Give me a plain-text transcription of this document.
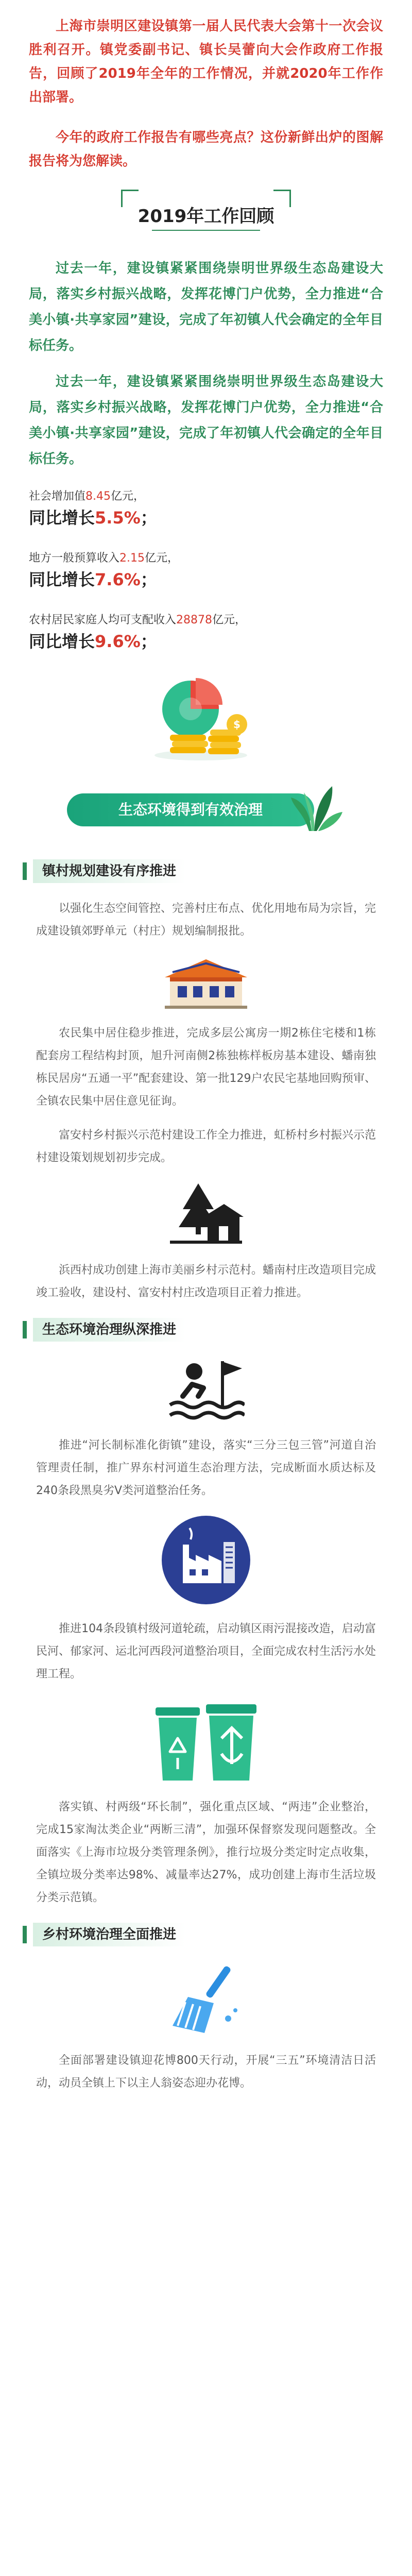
上海市崇明区建设镇第一届人民代表大会第十一次会议胜利召开。镇党委副书记、镇长吴蕾向大会作政府工作报告，回顾了2019年全年的工作情况，并就2020年工作作出部署。

今年的政府工作报告有哪些亮点？这份新鲜出炉的图解报告将为您解读。

2019年工作回顾

过去一年，建设镇紧紧围绕崇明世界级生态岛建设大局，落实乡村振兴战略，发挥花博门户优势，全力推进“合美小镇·共享家园”建设，完成了年初镇人代会确定的全年目标任务。

过去一年，建设镇紧紧围绕崇明世界级生态岛建设大局，落实乡村振兴战略，发挥花博门户优势，全力推进“合美小镇·共享家园”建设，完成了年初镇人代会确定的全年目标任务。

社会增加值8.45亿元，
同比增长5.5%；
地方一般预算收入2.15亿元，
同比增长7.6%；
农村居民家庭人均可支配收入28878亿元，
同比增长9.6%；
$
生态环境得到有效治理
镇村规划建设有序推进

以强化生态空间管控、完善村庄布点、优化用地布局为宗旨，完成建设镇郊野单元（村庄）规划编制报批。

农民集中居住稳步推进，完成多层公寓房一期2栋住宅楼和1栋配套房工程结构封顶，旭升河南侧2栋独栋样板房基本建设、蟠南独栋民居房“五通一平”配套建设、第一批129户农民宅基地回购预审、全镇农民集中居住意见征询。

富安村乡村振兴示范村建设工作全力推进，虹桥村乡村振兴示范村建设策划规划初步完成。

浜西村成功创建上海市美丽乡村示范村。蟠南村庄改造项目完成竣工验收，建设村、富安村村庄改造项目正着力推进。

生态环境治理纵深推进

推进“河长制标准化街镇”建设，落实“三分三包三管”河道自治管理责任制，推广界东村河道生态治理方法，完成断面水质达标及240条段黑臭劣V类河道整治任务。

推进104条段镇村级河道轮疏，启动镇区雨污混接改造，启动富民河、郁家河、运北河西段河道整治项目，全面完成农村生活污水处理工程。

落实镇、村两级“环长制”，强化重点区域、“两违”企业整治，完成15家淘汰类企业“两断三清”，加强环保督察发现问题整改。全面落实《上海市垃圾分类管理条例》，推行垃圾分类定时定点收集，全镇垃圾分类率达98%、减量率达27%，成功创建上海市生活垃圾分类示范镇。

乡村环境治理全面推进

全面部署建设镇迎花博800天行动，开展“三五”环境清洁日活动，动员全镇上下以主人翁姿态迎办花博。
